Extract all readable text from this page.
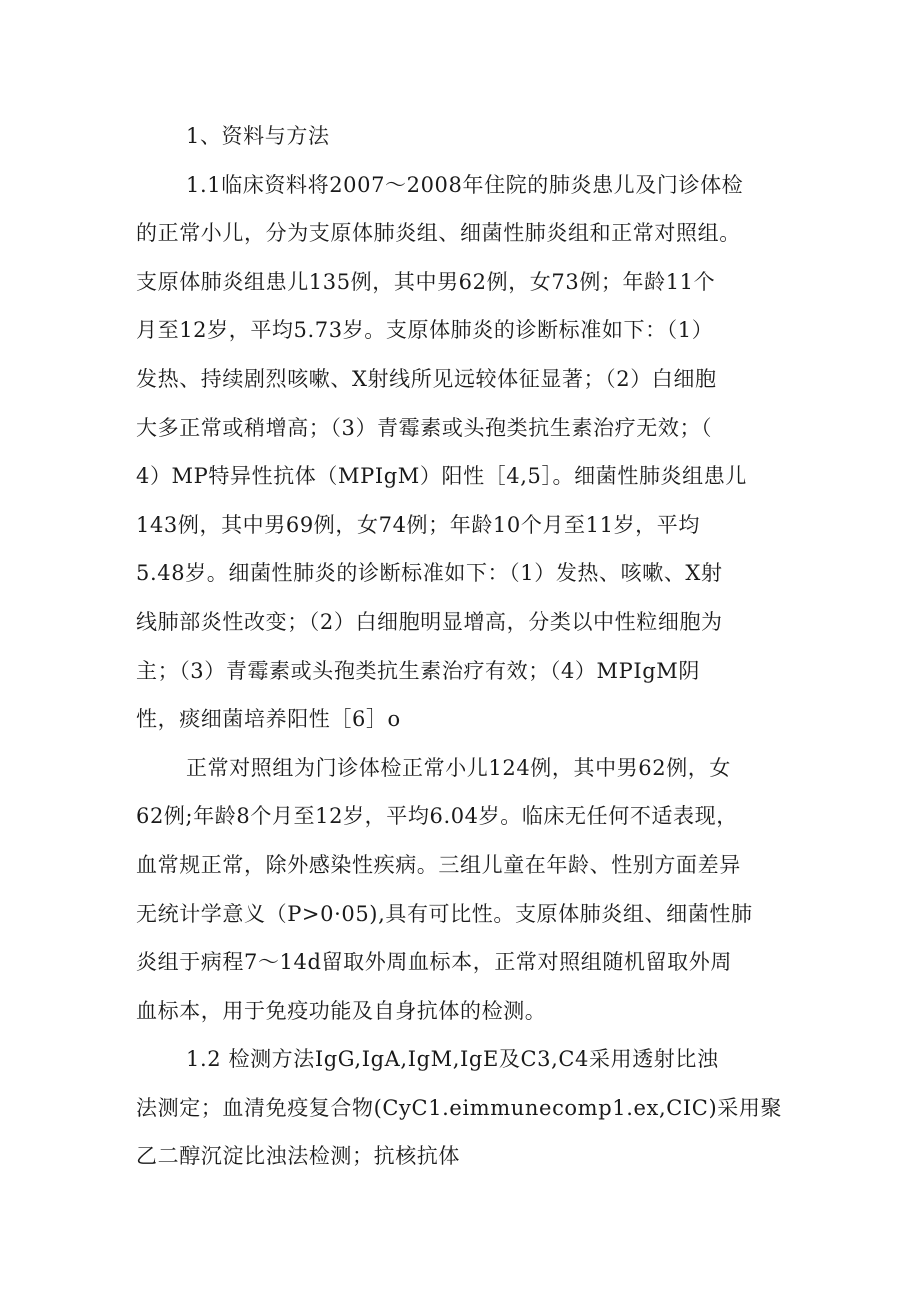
1、资料与方法
1.1临床资料将2007～2008年住院的肺炎患儿及门诊体检
的正常小儿，分为支原体肺炎组、细菌性肺炎组和正常对照组。
支原体肺炎组患儿135例，其中男62例，女73例；年龄11个
月至12岁，平均5.73岁。支原体肺炎的诊断标准如下：（1）
发热、持续剧烈咳嗽、X射线所见远较体征显著；（2）白细胞
大多正常或稍增高；（3）青霉素或头孢类抗生素治疗无效；（
4）MP特异性抗体（MPIgM）阳性［4,5］。细菌性肺炎组患儿
143例，其中男69例，女74例；年龄10个月至11岁，平均
5.48岁。细菌性肺炎的诊断标准如下：（1）发热、咳嗽、X射
线肺部炎性改变；（2）白细胞明显增高，分类以中性粒细胞为
主；（3）青霉素或头孢类抗生素治疗有效；（4）MPIgM阴
性，痰细菌培养阳性［6］o
正常对照组为门诊体检正常小儿124例，其中男62例，女
62例;年龄8个月至12岁，平均6.04岁。临床无任何不适表现，
血常规正常，除外感染性疾病。三组儿童在年龄、性别方面差异
无统计学意义（P>0·05),具有可比性。支原体肺炎组、细菌性肺
炎组于病程7～14d留取外周血标本，正常对照组随机留取外周
血标本，用于免疫功能及自身抗体的检测。
1.2 检测方法IgG,IgA,IgM,IgE及C3,C4采用透射比浊
法测定；血清免疫复合物(CyC1.eimmunecomp1.ex,CIC)采用聚
乙二醇沉淀比浊法检测；抗核抗体
